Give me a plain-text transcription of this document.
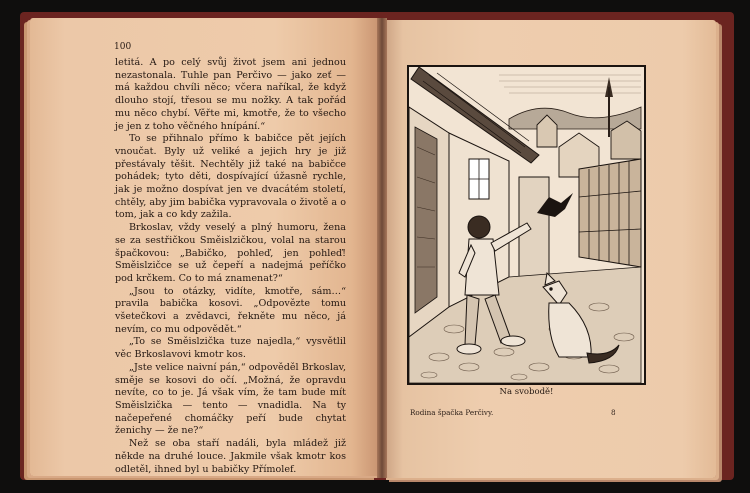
100

letitá. A po celý svůj život jsem ani jednou nezastonala. Tuhle pan Perčivo — jako zeť — má každou chvíli něco; včera naříkal, že když dlouho stojí, třesou se mu nožky. A tak pořád mu něco chybí. Věřte mi, kmotře, že to všecho je jen z toho věčného hnípání.“

To se přihnalo přímo k babičce pět jejích vnoučat. Byly už veliké a jejich hry je již přestávaly těšit. Nechtěly již také na babičce pohádek; tyto děti, dospívající úžasně rychle, jak je možno dospívat jen ve dvacátém století, chtěly, aby jim babička vypravovala o životě a o tom, jak a co kdy zažila.

Brkoslav, vždy veselý a plný humoru, žena se za sestřičkou Směislzičkou, volal na starou špačkovou: „Babičko, pohleď, jen pohleď! Směislzičce se už čepeří a nadejmá peříčko pod krčkem. Co to má znamenat?“

„Jsou to otázky, vidíte, kmotře, sám…“ pravila babička kosovi. „Odpovězte tomu všetečkovi a zvědavci, řekněte mu něco, já nevím, co mu odpovědět.“

„To se Směislzička tuze najedla,“ vysvětlil věc Brkoslavovi kmotr kos.

„Jste velice naivní pán,“ odpověděl Brkoslav, směje se kosovi do očí. „Možná, že opravdu nevíte, co to je. Já však vím, že tam bude mít Směislzička — tento — vnadidla. Na ty načepeřené chomáčky peří bude chytat ženichy — že ne?“

Než se oba staří nadáli, byla mládež již někde na druhé louce. Jakmile však kmotr kos odletěl, ihned byl u babičky Přímolef.

Na svobodě!
Rodina špačka Perčivy.	8
